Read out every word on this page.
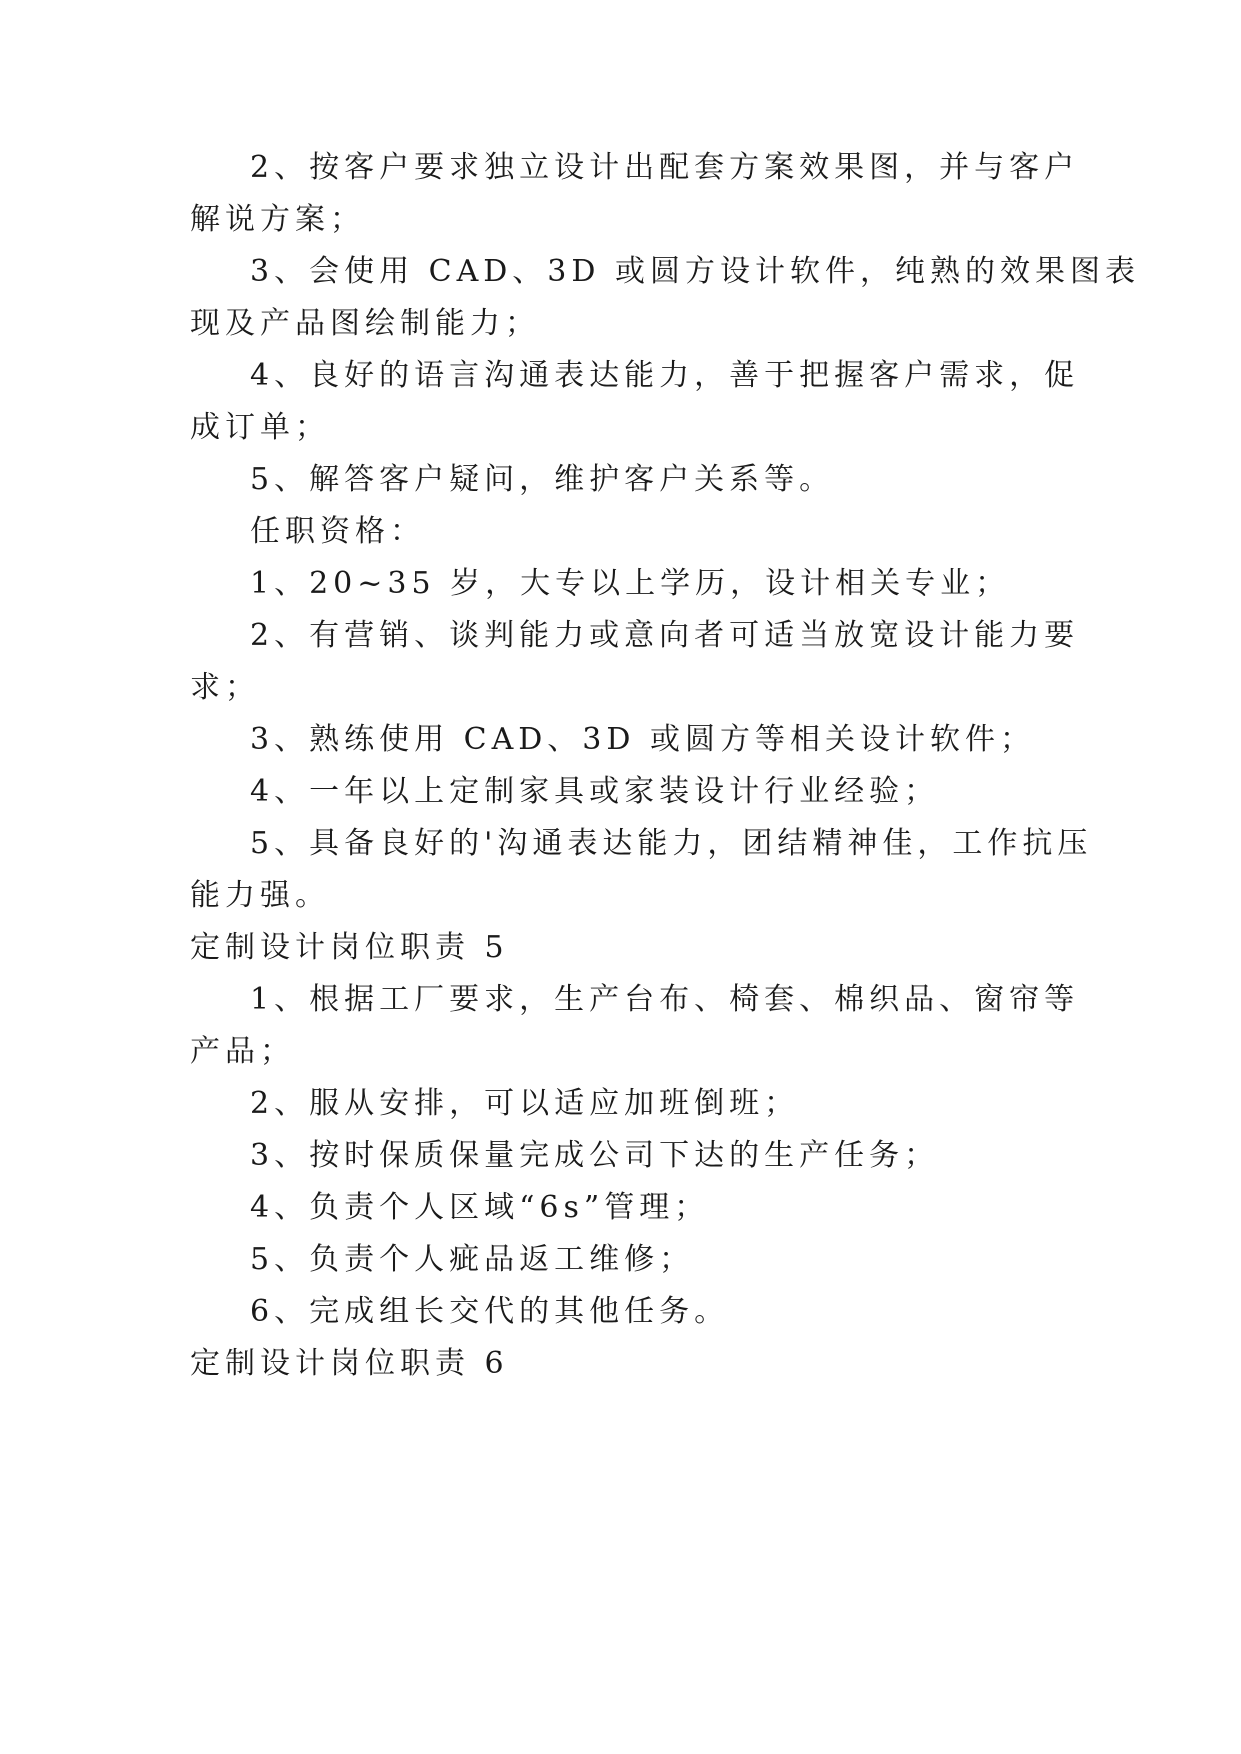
2、按客户要求独立设计出配套方案效果图，并与客户

解说方案；

3、会使用 CAD、3D 或圆方设计软件，纯熟的效果图表

现及产品图绘制能力；

4、良好的语言沟通表达能力，善于把握客户需求，促

成订单；

5、解答客户疑问，维护客户关系等。

任职资格：

1、20~35 岁，大专以上学历，设计相关专业；

2、有营销、谈判能力或意向者可适当放宽设计能力要

求；

3、熟练使用 CAD、3D 或圆方等相关设计软件；

4、一年以上定制家具或家装设计行业经验；

5、具备良好的'沟通表达能力，团结精神佳，工作抗压

能力强。

定制设计岗位职责 5

1、根据工厂要求，生产台布、椅套、棉织品、窗帘等

产品；

2、服从安排，可以适应加班倒班；

3、按时保质保量完成公司下达的生产任务；

4、负责个人区域“6s”管理；

5、负责个人疵品返工维修；

6、完成组长交代的其他任务。

定制设计岗位职责 6
